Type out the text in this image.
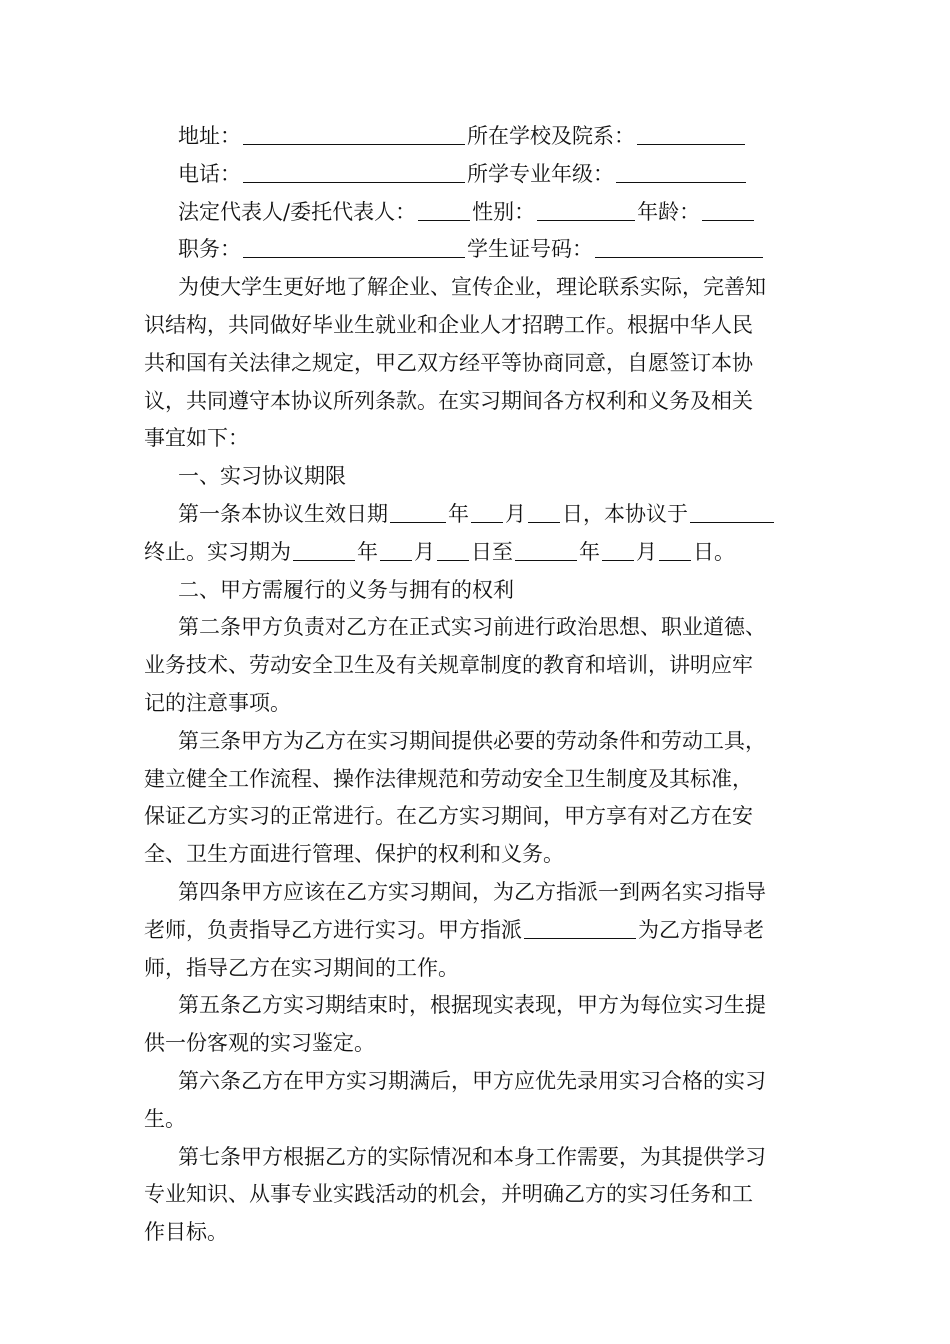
地址：	所在学校及院系：
电话：	所学专业年级：
法定代表人/委托代表人：	性别：	年龄：
职务：	学生证号码：
为使大学生更好地了解企业、宣传企业，理论联系实际，完善知
识结构，共同做好毕业生就业和企业人才招聘工作。根据中华人民
共和国有关法律之规定，甲乙双方经平等协商同意，自愿签订本协
议，共同遵守本协议所列条款。在实习期间各方权利和义务及相关
事宜如下：
一、实习协议期限
第一条本协议生效日期	年 月 日，本协议于
终止。实习期为	年 月 日至	年 月 日。
二、甲方需履行的义务与拥有的权利
第二条甲方负责对乙方在正式实习前进行政治思想、职业道德、
业务技术、劳动安全卫生及有关规章制度的教育和培训，讲明应牢
记的注意事项。
第三条甲方为乙方在实习期间提供必要的劳动条件和劳动工具，
建立健全工作流程、操作法律规范和劳动安全卫生制度及其标准，
保证乙方实习的正常进行。在乙方实习期间，甲方享有对乙方在安
全、卫生方面进行管理、保护的权利和义务。
第四条甲方应该在乙方实习期间，为乙方指派一到两名实习指导
老师，负责指导乙方进行实习。甲方指派	为乙方指导老
师，指导乙方在实习期间的工作。
第五条乙方实习期结束时，根据现实表现，甲方为每位实习生提
供一份客观的实习鉴定。
第六条乙方在甲方实习期满后，甲方应优先录用实习合格的实习
生。
第七条甲方根据乙方的实际情况和本身工作需要，为其提供学习
专业知识、从事专业实践活动的机会，并明确乙方的实习任务和工
作目标。
